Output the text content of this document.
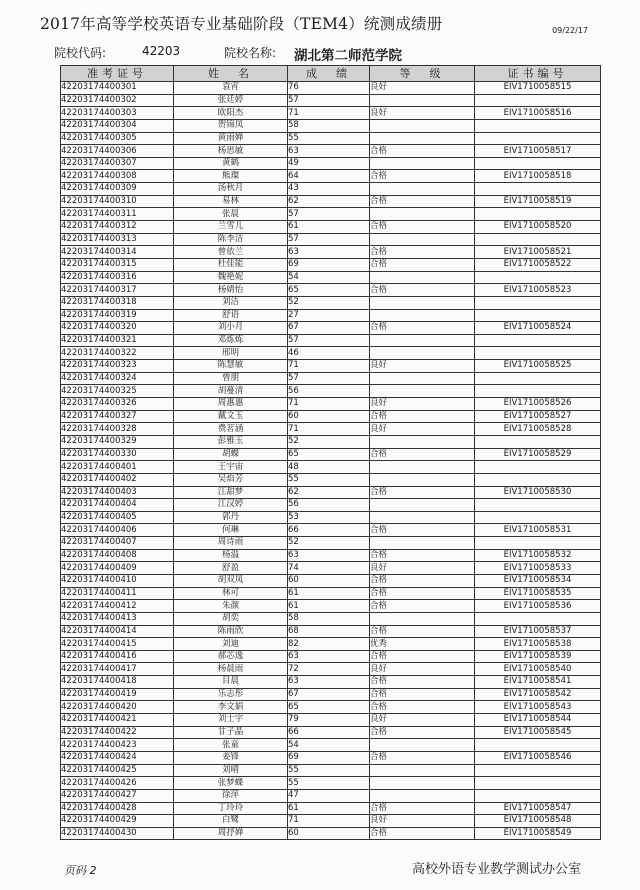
2017年高等学校英语专业基础阶段（TEM4）统测成绩册	09/22/17
院校代码:	42203	院校名称: 湖北第二师范学院
准考证号	姓　名	成　绩	等　级	证书编号
42203174400301	袁宵	76	良好	EIV1710058515
42203174400302	张廷婷	57		
42203174400303	欧阳杰	71	良好	EIV1710058516
42203174400304	贺锦凤	58		
42203174400305	黄雨婵	55		
42203174400306	杨思敏	63	合格	EIV1710058517
42203174400307	黄鹤	49		
42203174400308	熊璨	64	合格	EIV1710058518
42203174400309	汤秋月	43		
42203174400310	易林	62	合格	EIV1710058519
42203174400311	张晨	57		
42203174400312	兰雪儿	61	合格	EIV1710058520
42203174400313	陈李洁	57		
42203174400314	曾依兰	63	合格	EIV1710058521
42203174400315	杜佳能	69	合格	EIV1710058522
42203174400316	魏艳妮	54		
42203174400317	杨婧怡	65	合格	EIV1710058523
42203174400318	刘洁	52		
42203174400319	舒语	27		
42203174400320	刘小月	67	合格	EIV1710058524
42203174400321	邓炼炼	57		
42203174400322	邢明	46		
42203174400323	陈慧敏	71	良好	EIV1710058525
42203174400324	曾朋	57		
42203174400325	胡蔓清	56		
42203174400326	周惠惠	71	良好	EIV1710058526
42203174400327	戴文玉	60	合格	EIV1710058527
42203174400328	费茗涵	71	良好	EIV1710058528
42203174400329	彭雅玉	52		
42203174400330	胡蝶	65	合格	EIV1710058529
42203174400401	王宇宙	48		
42203174400402	吴焰芳	55		
42203174400403	江甜梦	62	合格	EIV1710058530
42203174400404	江汉婷	56		
42203174400405	郭丹	53		
42203174400406	何琳	66	合格	EIV1710058531
42203174400407	周诗雨	52		
42203174400408	杨溢	63	合格	EIV1710058532
42203174400409	舒盈	74	良好	EIV1710058533
42203174400410	胡双凤	60	合格	EIV1710058534
42203174400411	林可	61	合格	EIV1710058535
42203174400412	朱颜	61	合格	EIV1710058536
42203174400413	胡奕	58		
42203174400414	陈雨欣	68	合格	EIV1710058537
42203174400415	刘迪	82	优秀	EIV1710058538
42203174400416	郝芯逸	63	合格	EIV1710058539
42203174400417	杨晨雨	72	良好	EIV1710058540
42203174400418	目晨	63	合格	EIV1710058541
42203174400419	乐志彤	67	合格	EIV1710058542
42203174400420	李文娟	65	合格	EIV1710058543
42203174400421	刘士宇	79	良好	EIV1710058544
42203174400422	甘子晶	66	合格	EIV1710058545
42203174400423	张童	54		
42203174400424	姜锋	69	合格	EIV1710058546
42203174400425	刘晴	55		
42203174400426	张梦蝶	55		
42203174400427	徐萍	47		
42203174400428	丁玲玲	61	合格	EIV1710058547
42203174400429	白鹭	71	良好	EIV1710058548
42203174400430	周抒婵	60	合格	EIV1710058549
页码 2	高校外语专业教学测试办公室
